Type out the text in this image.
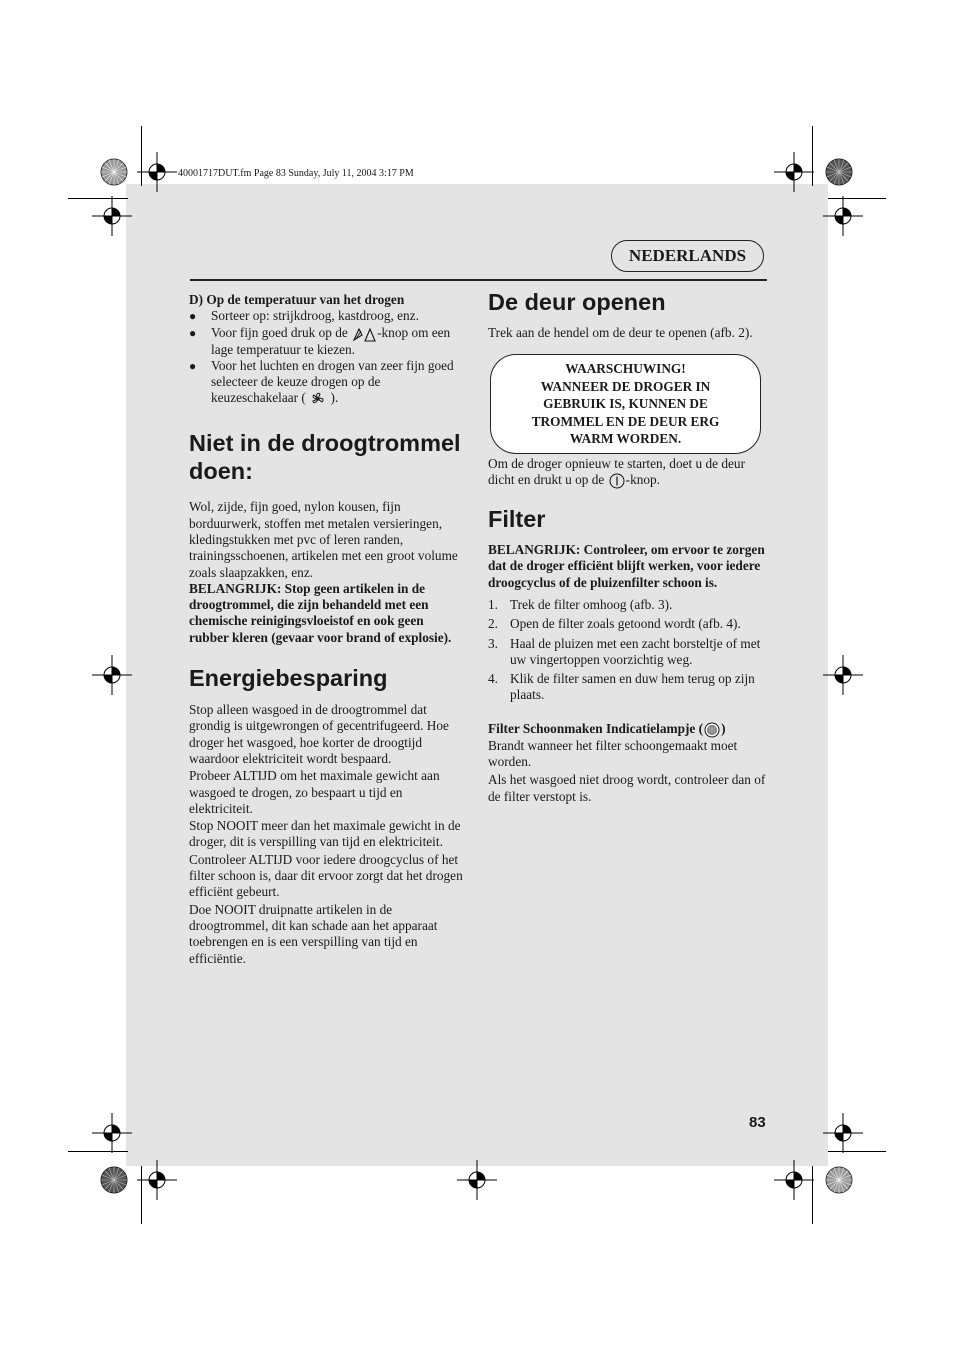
40001717DUT.fm Page 83 Sunday, July 11, 2004 3:17 PM
NEDERLANDS

D) Op de temperatuur van het drogen

●	Sorteer op: strijkdroog, kastdroog, enz.
●	Voor fijn goed druk op de -knop om een lage temperatuur te kiezen.
●	Voor het luchten en drogen van zeer fijn goed selecteer de keuze drogen op de keuzeschakelaar (  ).
Niet in de droogtrommel doen:

Wol, zijde, fijn goed, nylon kousen, fijn borduurwerk, stoffen met metalen versieringen, kledingstukken met pvc of leren randen, trainingsschoenen, artikelen met een groot volume zoals slaapzakken, enz.

BELANGRIJK: Stop geen artikelen in de droogtrommel, die zijn behandeld met een chemische reinigingsvloeistof en ook geen rubber kleren (gevaar voor brand of explosie).

Energiebesparing

Stop alleen wasgoed in de droogtrommel dat grondig is uitgewrongen of gecentrifugeerd. Hoe droger het wasgoed, hoe korter de droogtijd waardoor elektriciteit wordt bespaard.

Probeer ALTIJD om het maximale gewicht aan wasgoed te drogen, zo bespaart u tijd en elektriciteit.

Stop NOOIT meer dan het maximale gewicht in de droger, dit is verspilling van tijd en elektriciteit.

Controleer ALTIJD voor iedere droogcyclus of het filter schoon is, daar dit ervoor zorgt dat het drogen efficiënt gebeurt.

Doe NOOIT druipnatte artikelen in de droogtrommel, dit kan schade aan het apparaat toebrengen en is een verspilling van tijd en efficiëntie.

De deur openen

Trek aan de hendel om de deur te openen (afb. 2).

WAARSCHUWING!
WANNEER DE DROGER IN
GEBRUIK IS, KUNNEN DE
TROMMEL EN DE DEUR ERG
WARM WORDEN.

Om de droger opnieuw te starten, doet u de deur dicht en drukt u op de -knop.

Filter

BELANGRIJK: Controleer, om ervoor te zorgen dat de droger efficiënt blijft werken, voor iedere droogcyclus of de pluizenfilter schoon is.

1. Trek de filter omhoog (afb. 3).
2. Open de filter zoals getoond wordt (afb. 4).
3. Haal de pluizen met een zacht borsteltje of met uw vingertoppen voorzichtig weg.
4. Klik de filter samen en duw hem terug op zijn plaats.

Filter Schoonmaken Indicatielampje ( )

Brandt wanneer het filter schoongemaakt moet worden.

Als het wasgoed niet droog wordt, controleer dan of de filter verstopt is.

83
